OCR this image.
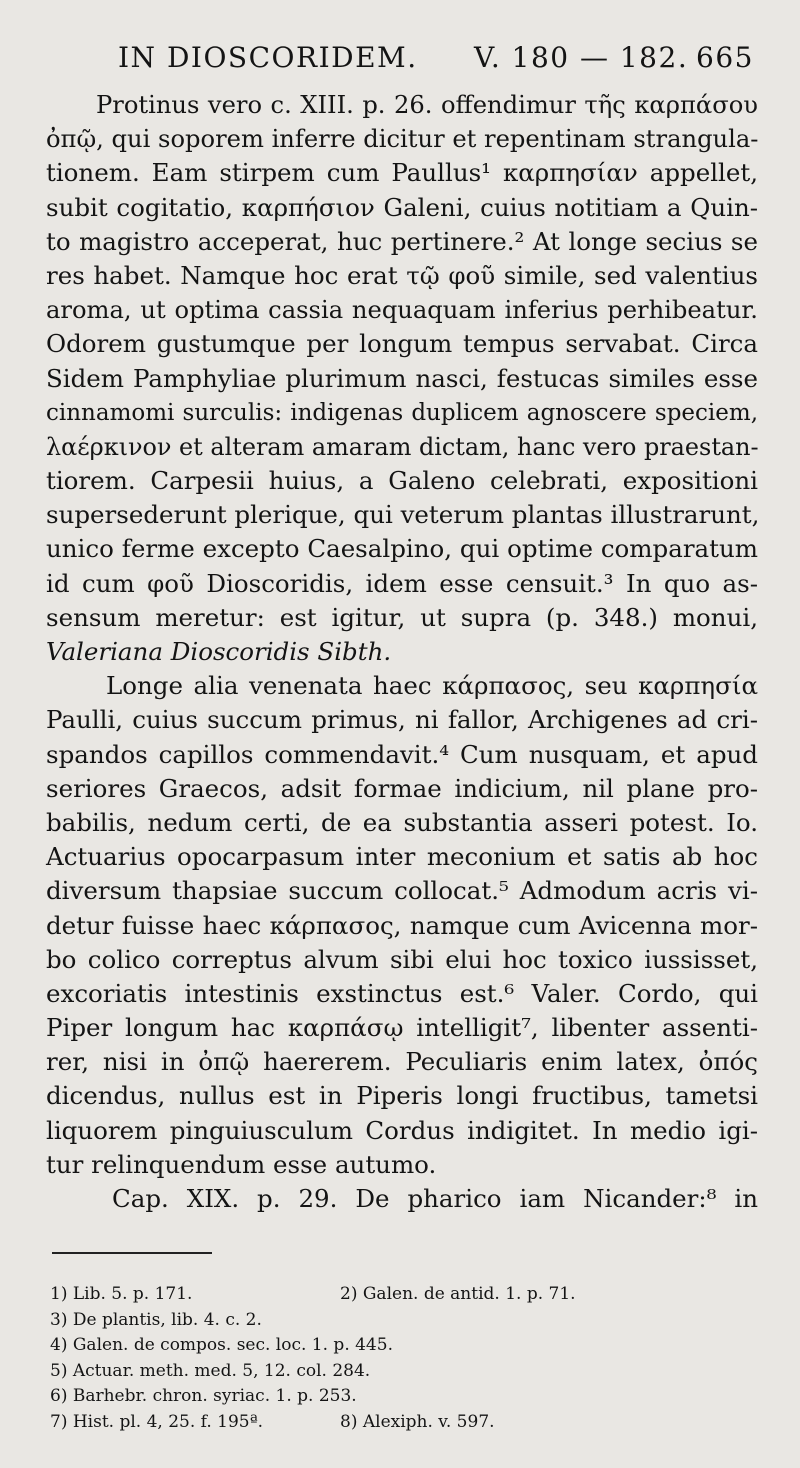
IN DIOSCORIDEM. V. 180 — 182. 665
Protinus vero c. XIII. p. 26. offendimur τῆς καρπάσου
ὀπῷ, qui soporem inferre dicitur et repentinam strangula-
tionem. Eam stirpem cum Paullus¹ καρπησίαν appellet,
subit cogitatio, καρπήσιον Galeni, cuius notitiam a Quin-
to magistro acceperat, huc pertinere.² At longe secius se
res habet. Namque hoc erat τῷ φοῦ simile, sed valentius
aroma, ut optima cassia nequaquam inferius perhibeatur.
Odorem gustumque per longum tempus servabat. Circa
Sidem Pamphyliae plurimum nasci, festucas similes esse
cinnamomi surculis: indigenas duplicem agnoscere speciem,
λαέρκινον et alteram amaram dictam, hanc vero praestan-
tiorem. Carpesii huius, a Galeno celebrati, expositioni
supersederunt plerique, qui veterum plantas illustrarunt,
unico ferme excepto Caesalpino, qui optime comparatum
id cum φοῦ Dioscoridis, idem esse censuit.³ In quo as-
sensum meretur: est igitur, ut supra (p. 348.) monui,
Valeriana Dioscoridis Sibth.
Longe alia venenata haec κάρπασος, seu καρπησία
Paulli, cuius succum primus, ni fallor, Archigenes ad cri-
spandos capillos commendavit.⁴ Cum nusquam, et apud
seriores Graecos, adsit formae indicium, nil plane pro-
babilis, nedum certi, de ea substantia asseri potest. Io.
Actuarius opocarpasum inter meconium et satis ab hoc
diversum thapsiae succum collocat.⁵ Admodum acris vi-
detur fuisse haec κάρπασος, namque cum Avicenna mor-
bo colico correptus alvum sibi elui hoc toxico iussisset,
excoriatis intestinis exstinctus est.⁶ Valer. Cordo, qui
Piper longum hac καρπάσῳ intelligit⁷, libenter assenti-
rer, nisi in ὀπῷ haererem. Peculiaris enim latex, ὀπός
dicendus, nullus est in Piperis longi fructibus, tametsi
liquorem pinguiusculum Cordus indigitet. In medio igi-
tur relinquendum esse autumo.
Cap. XIX. p. 29. De pharico iam Nicander:⁸ in
1) Lib. 5. p. 171.	2) Galen. de antid. 1. p. 71.
3) De plantis, lib. 4. c. 2.
4) Galen. de compos. sec. loc. 1. p. 445.
5) Actuar. meth. med. 5, 12. col. 284.
6) Barhebr. chron. syriac. 1. p. 253.
7) Hist. pl. 4, 25. f. 195ª.	8) Alexiph. v. 597.
